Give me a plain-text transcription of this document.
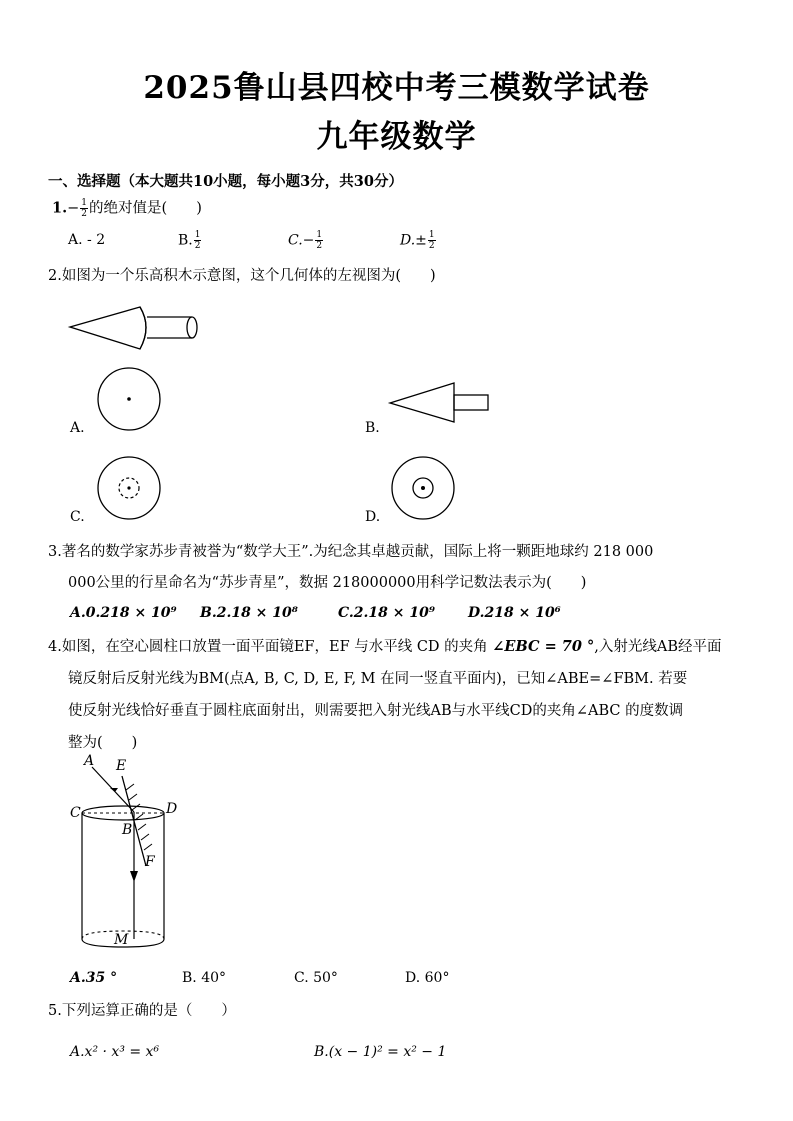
2025鲁山县四校中考三模数学试卷
九年级数学
一、选择题（本大题共10小题，每小题3分，共30分）
$1.- \frac{1}{2}$ 的绝对值是(　　)
A. - 2	B. $\frac{1}{2}$	$C.- \frac{1}{2}$	$D.\pm \frac{1}{2}$
2.如图为一个乐高积木示意图，这个几何体的左视图为(　　)
A.	B.
C.	D.
3.著名的数学家苏步青被誉为“数学大王”.为纪念其卓越贡献，国际上将一颗距地球约 218 000
000公里的行星命名为“苏步青星”，数据 218000000用科学记数法表示为(　　)
A.0.218 × 10⁹ B.2.18 × 10⁸	C.2.18 × 10⁹ D.218 × 10⁶
4.如图，在空心圆柱口放置一面平面镜EF，EF 与水平线 CD 的夹角 ∠EBC = 70 °,入射光线AB经平面
镜反射后反射光线为BM(点A, B, C, D, E, F, M 在同一竖直平面内)，已知∠ABE=∠FBM. 若要
使反射光线恰好垂直于圆柱底面射出，则需要把入射光线AB与水平线CD的夹角∠ABC 的度数调
整为(　　)
A E
C	D
B
F
M
A.35 °	B. 40°	C. 50°	D. 60°
5.下列运算正确的是（　　）
A.x² · x³ = x⁶	B.(x − 1)² = x² − 1
